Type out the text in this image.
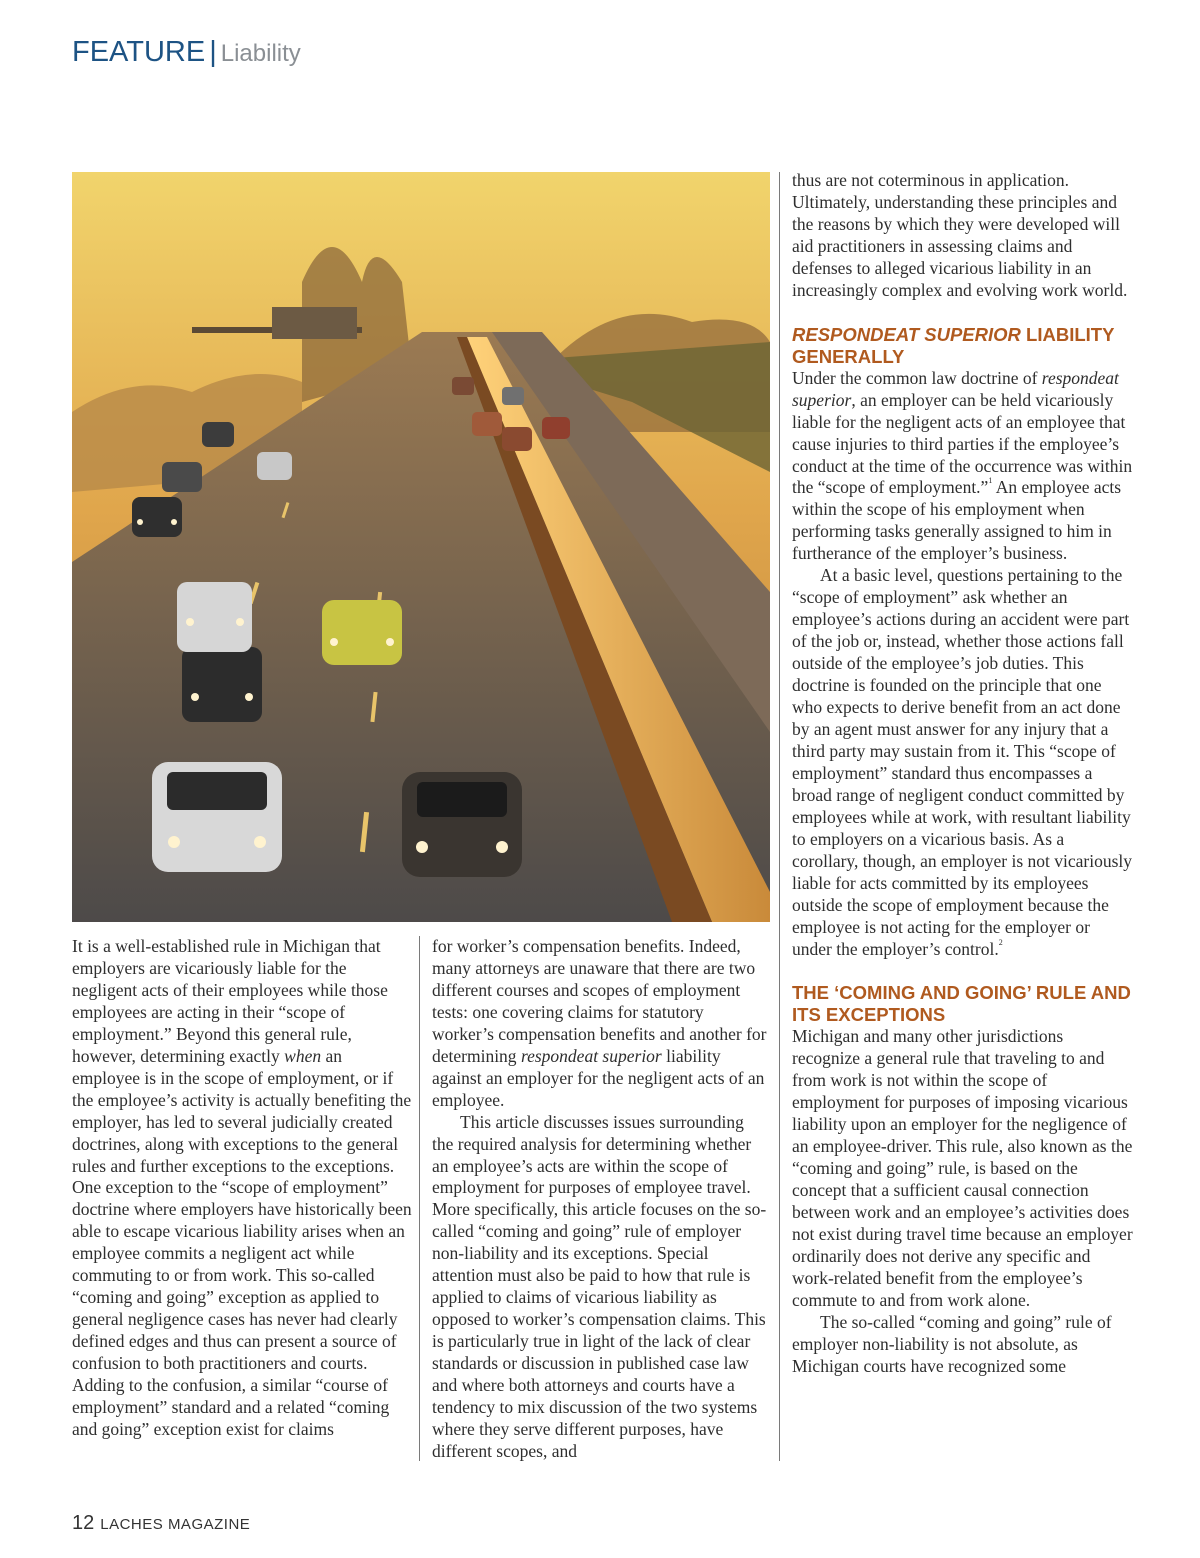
FEATURE | Liability

It is a well-established rule in Michigan that employers are vicariously liable for the negligent acts of their employees while those employees are acting in their “scope of employment.” Beyond this general rule, however, determining exactly when an employee is in the scope of employment, or if the employee’s activity is actually benefiting the employer, has led to several judicially created doctrines, along with exceptions to the general rules and further exceptions to the exceptions. One exception to the “scope of employment” doctrine where employers have historically been able to escape vicarious liability arises when an employee commits a negligent act while commuting to or from work. This so-called “coming and going” exception as applied to general negligence cases has never had clearly defined edges and thus can present a source of confusion to both practitioners and courts. Adding to the confusion, a similar “course of employment” standard and a related “coming and going” exception exist for claims

for worker’s compensation benefits. Indeed, many attorneys are unaware that there are two different courses and scopes of employment tests: one covering claims for statutory worker’s compensation benefits and another for determining respondeat superior liability against an employer for the negligent acts of an employee.

This article discusses issues surrounding the required analysis for determining whether an employee’s acts are within the scope of employment for purposes of employee travel. More specifically, this article focuses on the so-called “coming and going” rule of employer non-liability and its exceptions. Special attention must also be paid to how that rule is applied to claims of vicarious liability as opposed to worker’s compensation claims. This is particularly true in light of the lack of clear standards or discussion in published case law and where both attorneys and courts have a tendency to mix discussion of the two systems where they serve different purposes, have different scopes, and

thus are not coterminous in application. Ultimately, understanding these principles and the reasons by which they were developed will aid practitioners in assessing claims and defenses to alleged vicarious liability in an increasingly complex and evolving work world.

RESPONDEAT SUPERIOR LIABILITY GENERALLY

Under the common law doctrine of respondeat superior, an employer can be held vicariously liable for the negligent acts of an employee that cause injuries to third parties if the employee’s conduct at the time of the occurrence was within the “scope of employment.”$^1$ An employee acts within the scope of his employment when performing tasks generally assigned to him in furtherance of the employer’s business.

At a basic level, questions pertaining to the “scope of employment” ask whether an employee’s actions during an accident were part of the job or, instead, whether those actions fall outside of the employee’s job duties. This doctrine is founded on the principle that one who expects to derive benefit from an act done by an agent must answer for any injury that a third party may sustain from it. This “scope of employment” standard thus encompasses a broad range of negligent conduct committed by employees while at work, with resultant liability to employers on a vicarious basis. As a corollary, though, an employer is not vicariously liable for acts committed by its employees outside the scope of employment because the employee is not acting for the employer or under the employer’s control.$^2$

THE ‘COMING AND GOING’ RULE AND ITS EXCEPTIONS

Michigan and many other jurisdictions recognize a general rule that traveling to and from work is not within the scope of employment for purposes of imposing vicarious liability upon an employer for the negligence of an employee-driver. This rule, also known as the “coming and going” rule, is based on the concept that a sufficient causal connection between work and an employee’s activities does not exist during travel time because an employer ordinarily does not derive any specific and work-related benefit from the employee’s commute to and from work alone.

The so-called “coming and going” rule of employer non-liability is not absolute, as Michigan courts have recognized some

12 LACHES MAGAZINE
